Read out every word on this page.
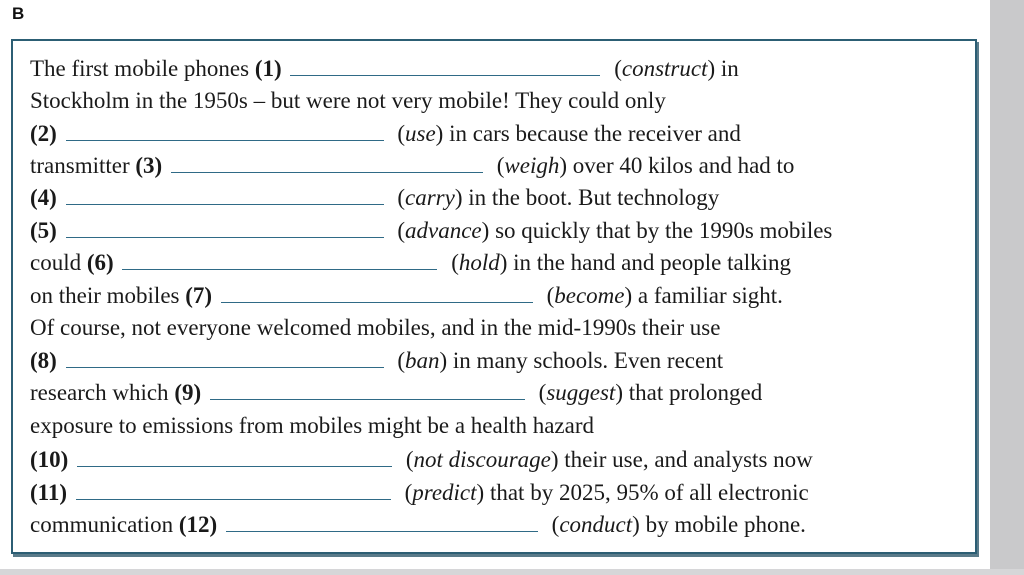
B
The first mobile phones (1)	(construct) in
Stockholm in the 1950s – but were not very mobile! They could only
(2)	(use) in cars because the receiver and
transmitter (3)	(weigh) over 40 kilos and had to
(4)	(carry) in the boot. But technology
(5)	(advance) so quickly that by the 1990s mobiles
could (6)	(hold) in the hand and people talking
on their mobiles (7)	(become) a familiar sight.
Of course, not everyone welcomed mobiles, and in the mid-1990s their use
(8)	(ban) in many schools. Even recent
research which (9)	(suggest) that prolonged
exposure to emissions from mobiles might be a health hazard
(10)	(not discourage) their use, and analysts now
(11)	(predict) that by 2025, 95% of all electronic
communication (12)	(conduct) by mobile phone.
